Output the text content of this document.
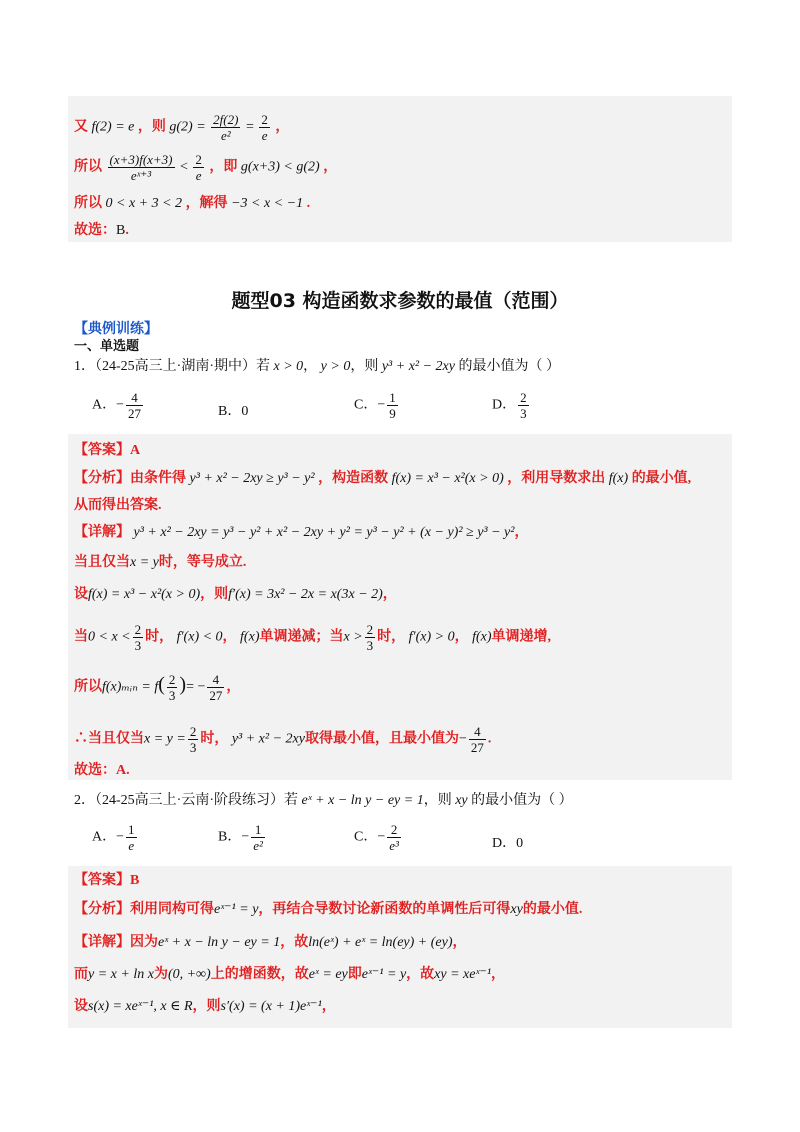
又 f(2) = e ，则 $g(2) = \frac{2f(2)}{\text{e²}} = \frac{2}{e}$ ，
所以 $\frac{(x+3)f(x+3)}{\text{eˣ⁺³}} < \frac{2}{e}$ ，即 g(x+3) < g(2) ，
所以 0 < x + 3 < 2 ，解得 −3 < x < −1 .
故选：B.
题型03 构造函数求参数的最值（范围）
【典例训练】
一、单选题
1．（24-25高三上·湖南·期中）若 x > 0， y > 0，则 y³ + x² − 2xy 的最小值为（ ）
A．− $\frac{4}{27}$	B．0	C．− $\frac{1}{9}$	D． $\frac{2}{3}$
【答案】A
【分析】由条件得 y³ + x² − 2xy ≥ y³ − y² ，构造函数 f(x) = x³ − x²(x > 0) ，利用导数求出 f(x) 的最小值,
从而得出答案.
【详解】 y³ + x² − 2xy = y³ − y² + x² − 2xy + y² = y³ − y² + (x − y)² ≥ y³ − y²，
当且仅当x = y时，等号成立.
设f(x) = x³ − x²(x > 0)，则f′(x) = 3x² − 2x = x(3x − 2)，
当$0 < x < \frac{2}{3}$ 时， f′(x) < 0， f(x)单调递减；当$x > \frac{2}{3}$ 时， f′(x) > 0， f(x)单调递增,
所以f(x)ₘᵢₙ = $f( \frac{2}{3}$ )= − $\frac{4}{27}$ ，
∴当且仅当$x = y = \frac{2}{3}$ 时， y³ + x² − 2xy取得最小值，且最小值为− $\frac{4}{27}$ .
故选：A.
2．（24-25高三上·云南·阶段练习）若 eˣ + x − ln y − ey = 1，则 xy 的最小值为（ ）
A．− $\frac{1}{e}$	B．− $\frac{1}{\text{e²}}$	C．− $\frac{2}{\text{e³}}$	D．0
【答案】B
【分析】利用同构可得eˣ⁻¹ = y，再结合导数讨论新函数的单调性后可得xy的最小值.
【详解】因为eˣ + x − ln y − ey = 1，故ln(eˣ) + eˣ = ln(ey) + (ey)，
而y = x + ln x为(0, +∞)上的增函数，故eˣ = ey即eˣ⁻¹ = y，故xy = xeˣ⁻¹，
设s(x) = xeˣ⁻¹, x ∈ R，则s′(x) = (x + 1)eˣ⁻¹，
